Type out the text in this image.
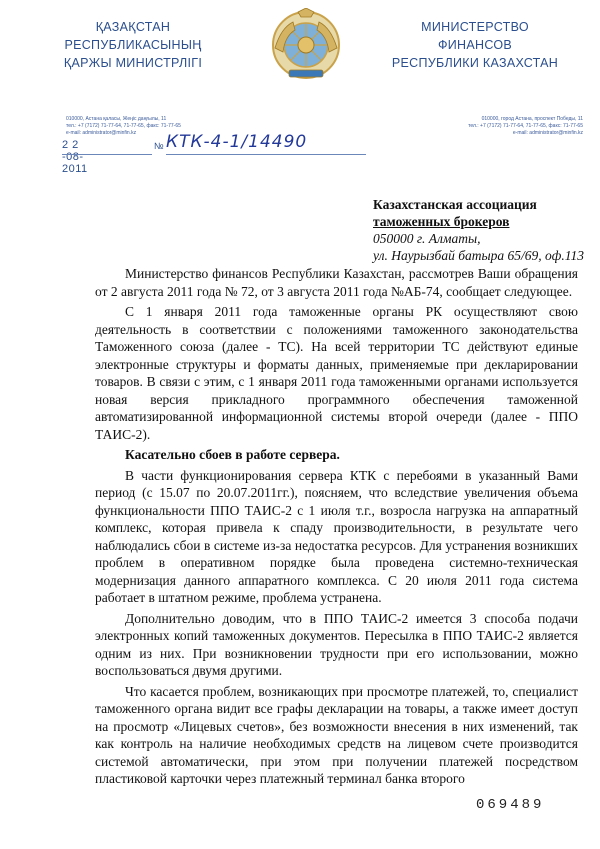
ҚАЗАҚСТАН
РЕСПУБЛИКАСЫНЫҢ
ҚАРЖЫ МИНИСТРЛІГІ
МИНИСТЕРСТВО
ФИНАНСОВ
РЕСПУБЛИКИ КАЗАХСТАН
010000, Астана қаласы, Жеңіс даңғылы, 11
тел.: +7 (7172) 71-77-64, 71-77-65, факс: 71-77-65
e-mail: administrator@minfin.kz
010000, город Астана, проспект Победы, 11
тел.: +7 (7172) 71-77-64, 71-77-65, факс: 71-77-65
e-mail: administrator@minfin.kz
2 2 -08- 2011
№ КТК-4-1/14490
Казахстанская ассоциация
таможенных брокеров
050000 г. Алматы,
ул. Наурызбай батыра 65/69, оф.113

Министерство финансов Республики Казахстан, рассмотрев Ваши обращения от 2 августа 2011 года № 72, от 3 августа 2011 года №АБ-74, сообщает следующее.

С 1 января 2011 года таможенные органы РК осуществляют свою деятельность в соответствии с положениями таможенного законодательства Таможенного союза (далее - ТС). На всей территории ТС действуют единые электронные структуры и форматы данных, применяемые при декларировании товаров. В связи с этим, с 1 января 2011 года таможенными органами используется новая версия прикладного программного обеспечения таможенной автоматизированной информационной системы второй очереди (далее - ППО ТАИС-2).

Касательно сбоев в работе сервера.

В части функционирования сервера КТК с перебоями в указанный Вами период (с 15.07 по 20.07.2011гг.), поясняем, что вследствие увеличения объема функциональности ППО ТАИС-2 с 1 июля т.г., возросла нагрузка на аппаратный комплекс, которая привела к спаду производительности, в результате чего наблюдались сбои в системе из-за недостатка ресурсов. Для устранения возникших проблем в оперативном порядке была проведена системно-техническая модернизация данного аппаратного комплекса. С 20 июля 2011 года система работает в штатном режиме, проблема устранена.

Дополнительно доводим, что в ППО ТАИС-2 имеется 3 способа подачи электронных копий таможенных документов. Пересылка в ППО ТАИС-2 является одним из них. При возникновении трудности при его использовании, можно воспользоваться двумя другими.

Что касается проблем, возникающих при просмотре платежей, то, специалист таможенного органа видит все графы декларации на товары, а также имеет доступ на просмотр «Лицевых счетов», без возможности внесения в них изменений, так как контроль на наличие необходимых средств на лицевом счете производится системой автоматически, при этом при получении платежей посредством пластиковой карточки через платежный терминал банка второго

069489
